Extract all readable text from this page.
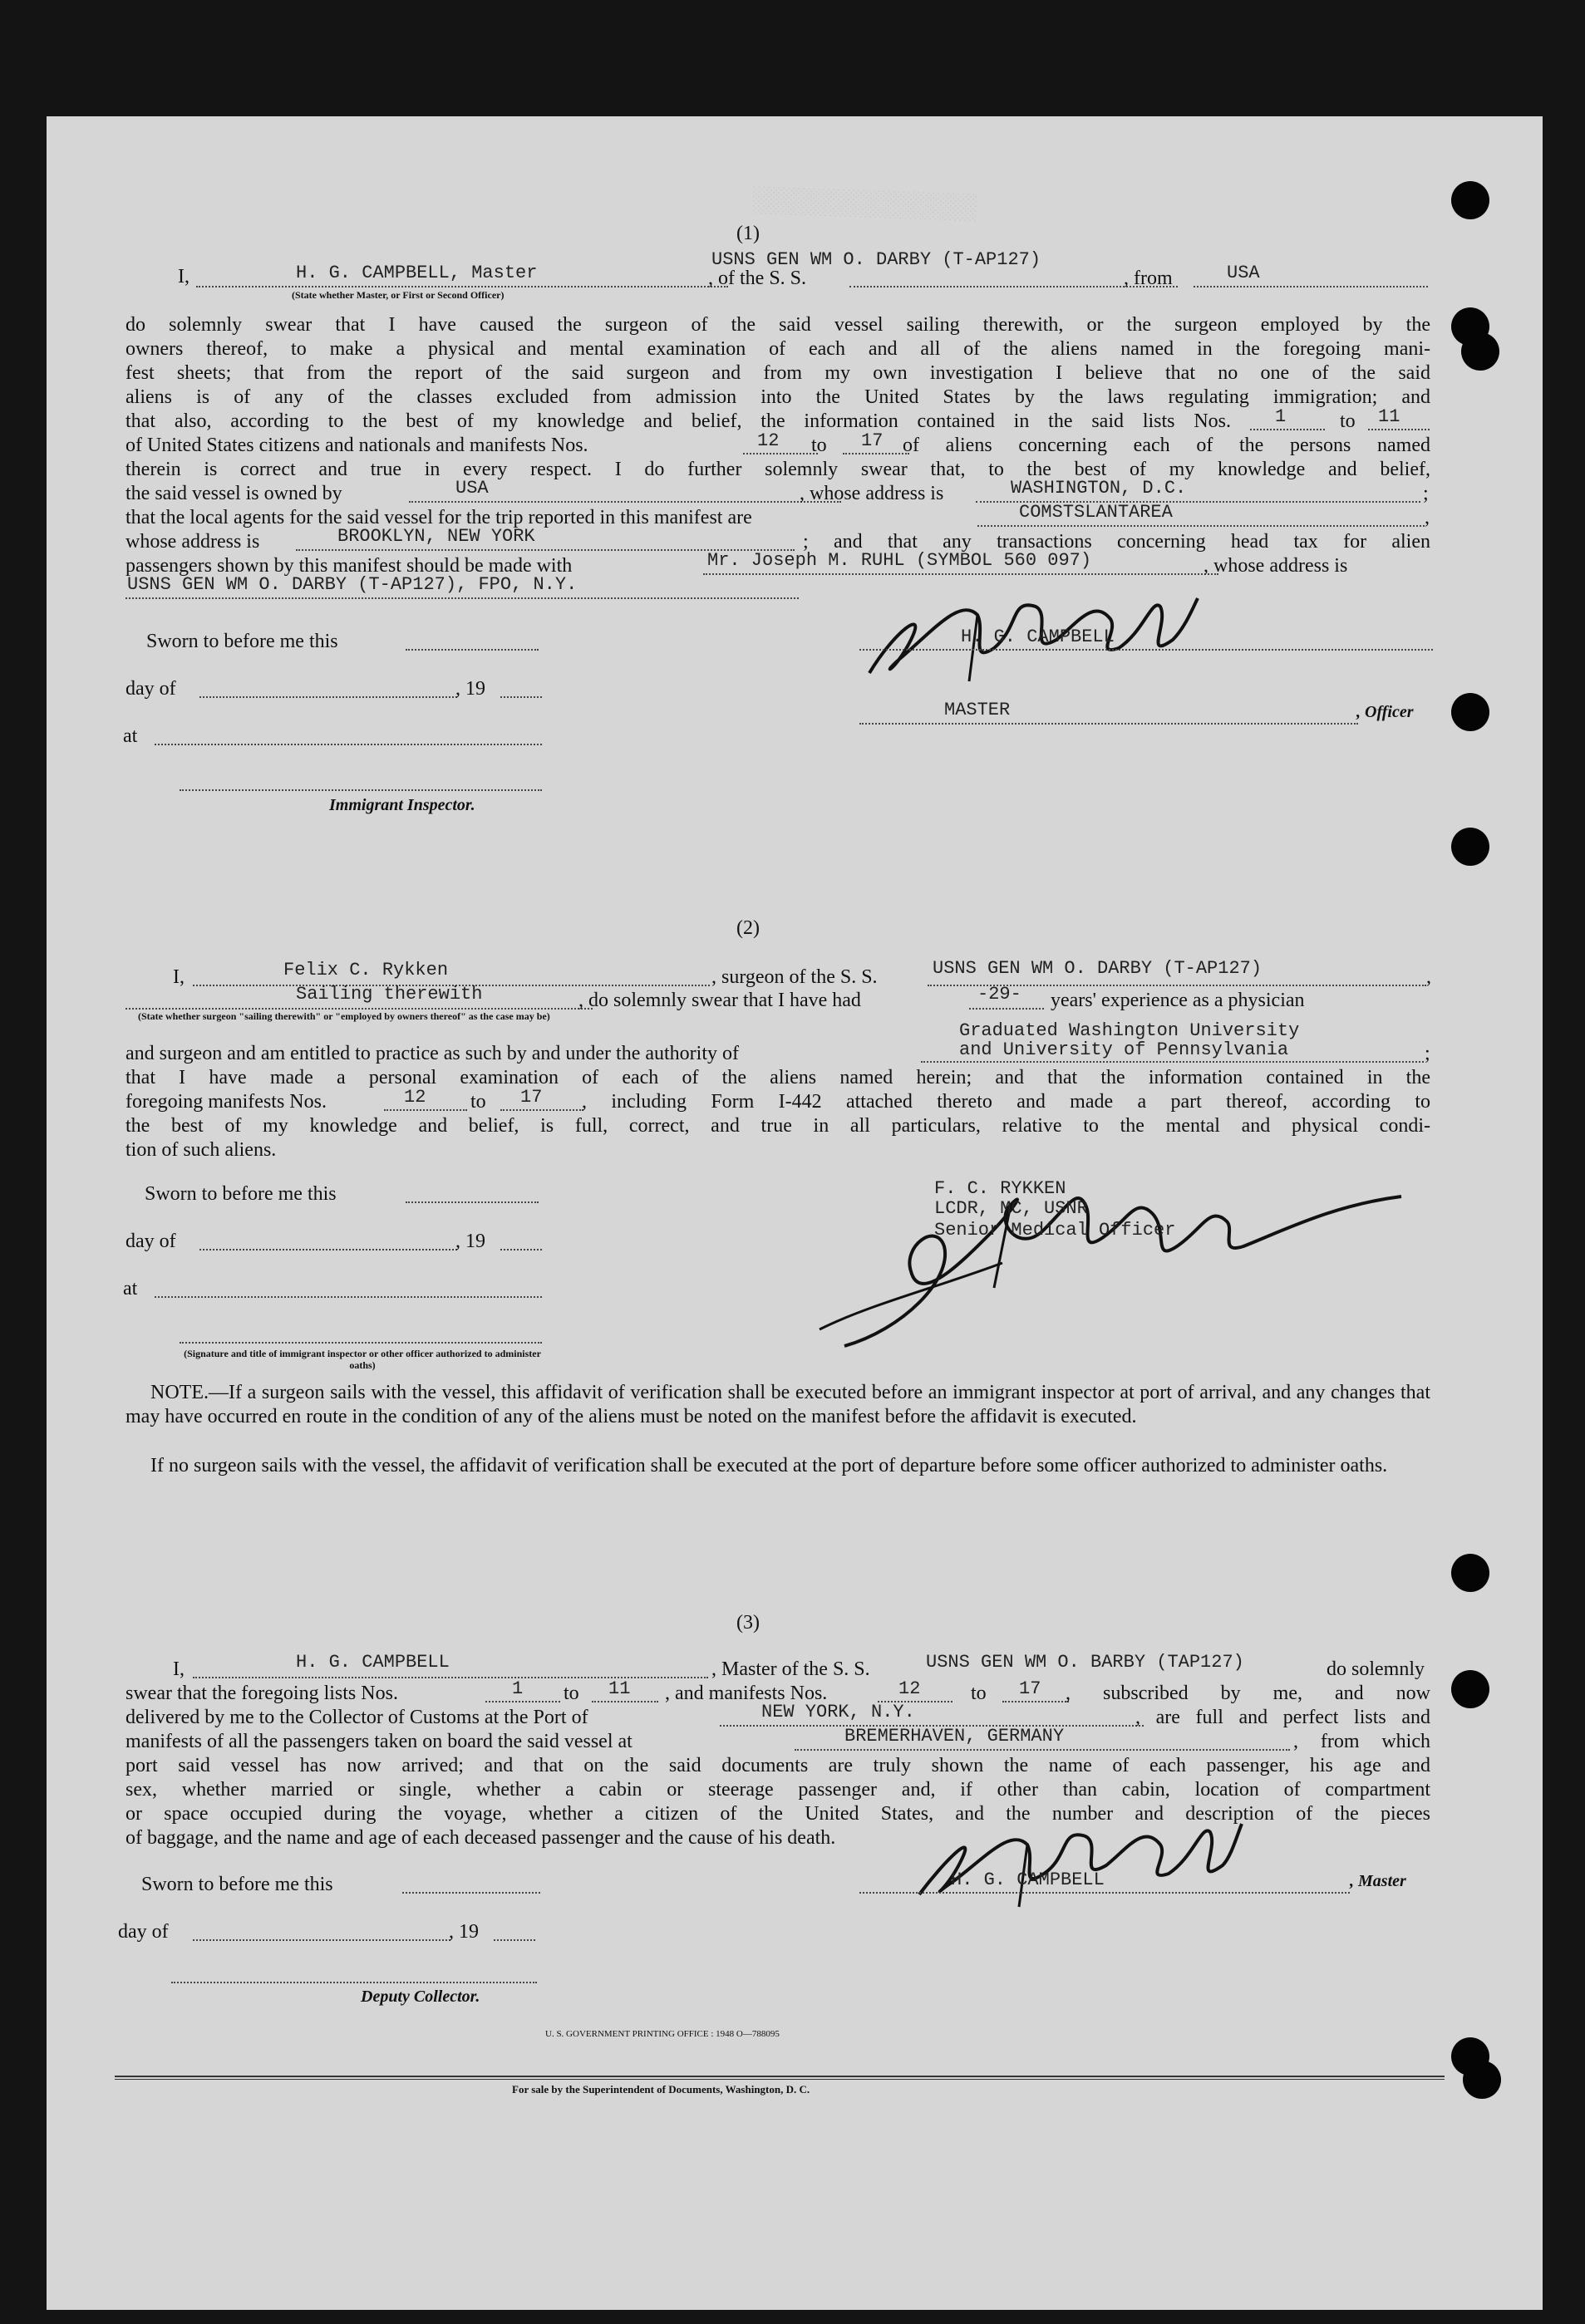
░░░░░░░░░░░░░░░
(1)
I,	H. G. CAMPBELL, Master
(State whether Master, or First or Second Officer)
, of the S. S.
USNS GEN WM O. DARBY (T-AP127)
, from	USA
do solemnly swear that I have caused the surgeon of the said vessel sailing therewith, or the surgeon employed by the
owners thereof, to make a physical and mental examination of each and all of the aliens named in the foregoing mani-
fest sheets; that from the report of the said surgeon and from my own investigation I believe that no one of the said
aliens is of any of the classes excluded from admission into the United States by the laws regulating immigration; and
that also, according to the best of my knowledge and belief, the information contained in the said lists Nos. 1	to 11
of United States citizens and nationals and manifests Nos.	12 to 17 of aliens concerning each of the persons named
therein is correct and true in every respect. I do further solemnly swear that, to the best of my knowledge and belief,
the said vessel is owned by	USA	, whose address is	WASHINGTON, D.C.	;
that the local agents for the said vessel for the trip reported in this manifest are	COMSTSLANTAREA	,
whose address is	BROOKLYN, NEW YORK	; and that any transactions concerning head tax for alien
passengers shown by this manifest should be made with	Mr. Joseph M. RUHL (SYMBOL 560 097)	, whose address is
USNS GEN WM O. DARBY (T-AP127), FPO, N.Y.
Sworn to before me this	H. G. CAMPBELL
day of	, 19
MASTER	, Officer
at
Immigrant Inspector.
(2)
I,	Felix C. Rykken	, surgeon of the S. S.	USNS GEN WM O. DARBY (T-AP127)	,
Sailing therewith	, do solemnly swear that I have had	-29- years' experience as a physician
(State whether surgeon "sailing therewith" or "employed by owners thereof" as the case may be)
Graduated Washington University
and surgeon and am entitled to practice as such by and under the authority of	and University of Pennsylvania	;
that I have made a personal examination of each of the aliens named herein; and that the information contained in the
foregoing manifests Nos.	12 to 17 , including Form I-442 attached thereto and made a part thereof, according to
the best of my knowledge and belief, is full, correct, and true in all particulars, relative to the mental and physical condi-
tion of such aliens.
Sworn to before me this	F. C. RYKKEN
LCDR, MC, USNR
Senior Medical Officer
day of	, 19
at
(Signature and title of immigrant inspector or other officer authorized to administer oaths)
NOTE.—If a surgeon sails with the vessel, this affidavit of verification shall be executed before an immigrant inspector at port of arrival, and any changes that may have occurred en route in the condition of any of the aliens must be noted on the manifest before the affidavit is executed.
If no surgeon sails with the vessel, the affidavit of verification shall be executed at the port of departure before some officer authorized to administer oaths.
(3)
I,	H. G. CAMPBELL	, Master of the S. S.	USNS GEN WM O. BARBY (TAP127)	do solemnly
swear that the foregoing lists Nos.	1 to 11 , and manifests Nos.	12	to 17 , subscribed by me, and now
delivered by me to the Collector of Customs at the Port of	NEW YORK, N.Y.	, are full and perfect lists and
manifests of all the passengers taken on board the said vessel at	BREMERHAVEN, GERMANY	, from which
port said vessel has now arrived; and that on the said documents are truly shown the name of each passenger, his age and
sex, whether married or single, whether a cabin or steerage passenger and, if other than cabin, location of compartment
or space occupied during the voyage, whether a citizen of the United States, and the number and description of the pieces
of baggage, and the name and age of each deceased passenger and the cause of his death.
Sworn to before me this	H. G. CAMPBELL	, Master
day of	, 19
Deputy Collector.
U. S. GOVERNMENT PRINTING OFFICE : 1948 O—788095
For sale by the Superintendent of Documents, Washington, D. C.
